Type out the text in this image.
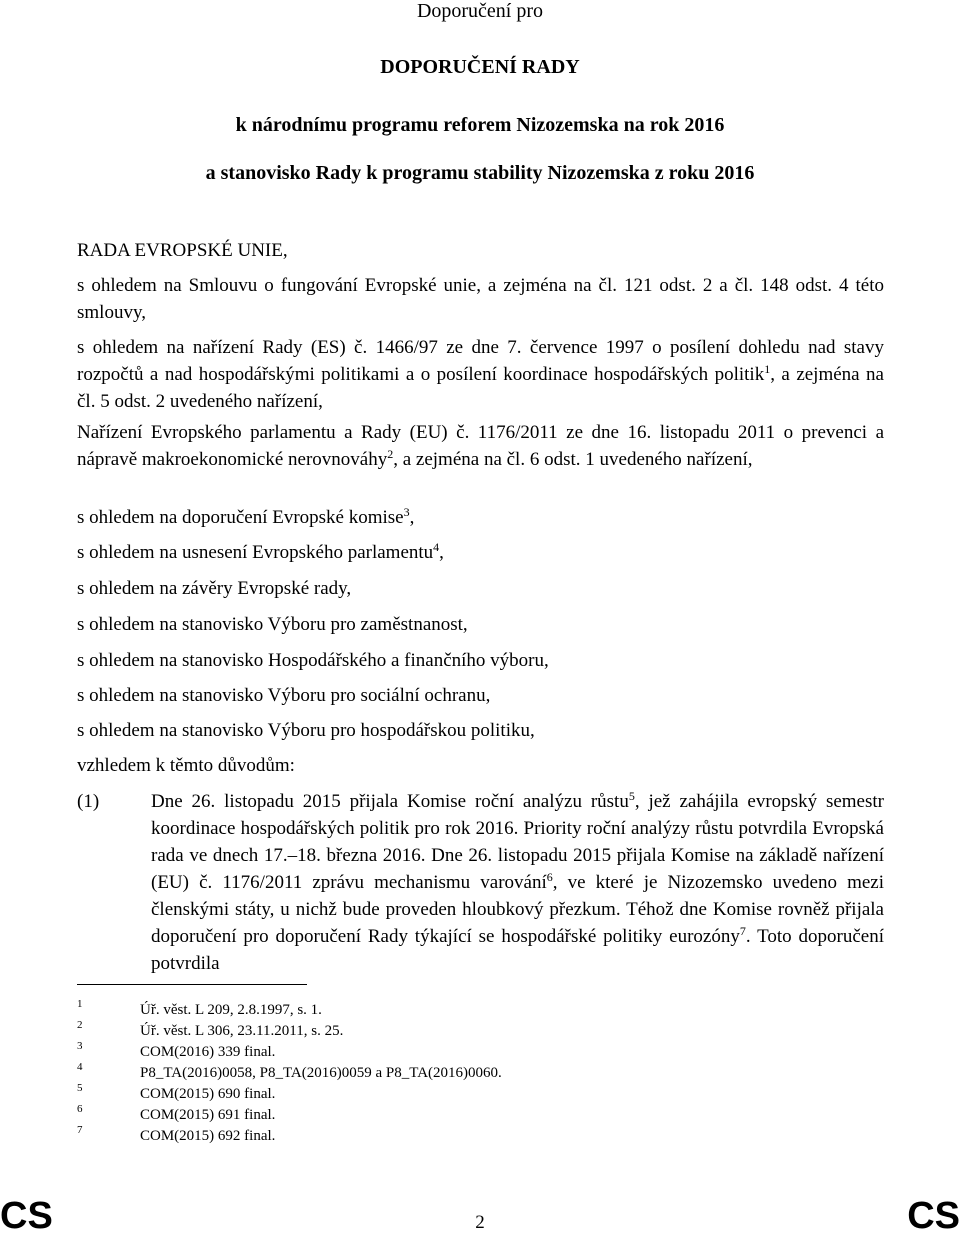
Doporučení pro
DOPORUČENÍ RADY
k národnímu programu reforem Nizozemska na rok 2016
a stanovisko Rady k programu stability Nizozemska z roku 2016
RADA EVROPSKÉ UNIE,
s ohledem na Smlouvu o fungování Evropské unie, a zejména na čl. 121 odst. 2 a čl. 148 odst. 4 této smlouvy,
s ohledem na nařízení Rady (ES) č. 1466/97 ze dne 7. července 1997 o posílení dohledu nad stavy rozpočtů a nad hospodářskými politikami a o posílení koordinace hospodářských politik$^1$, a zejména na čl. 5 odst. 2 uvedeného nařízení,
Nařízení Evropského parlamentu a Rady (EU) č. 1176/2011 ze dne 16. listopadu 2011 o prevenci a nápravě makroekonomické nerovnováhy$^2$, a zejména na čl. 6 odst. 1 uvedeného nařízení,
s ohledem na doporučení Evropské komise$^3$,
s ohledem na usnesení Evropského parlamentu$^4$,
s ohledem na závěry Evropské rady,
s ohledem na stanovisko Výboru pro zaměstnanost,
s ohledem na stanovisko Hospodářského a finančního výboru,
s ohledem na stanovisko Výboru pro sociální ochranu,
s ohledem na stanovisko Výboru pro hospodářskou politiku,
vzhledem k těmto důvodům:
(1)	Dne 26. listopadu 2015 přijala Komise roční analýzu růstu$^5$, jež zahájila evropský semestr koordinace hospodářských politik pro rok 2016. Priority roční analýzy růstu potvrdila Evropská rada ve dnech 17.–18. března 2016. Dne 26. listopadu 2015 přijala Komise na základě nařízení (EU) č. 1176/2011 zprávu mechanismu varování$^6$, ve které je Nizozemsko uvedeno mezi členskými státy, u nichž bude proveden hloubkový přezkum. Téhož dne Komise rovněž přijala doporučení pro doporučení Rady týkající se hospodářské politiky eurozóny$^7$. Toto doporučení potvrdila
1	Úř. věst. L 209, 2.8.1997, s. 1.
2	Úř. věst. L 306, 23.11.2011, s. 25.
3	COM(2016) 339 final.
4	P8_TA(2016)0058, P8_TA(2016)0059 a P8_TA(2016)0060.
5	COM(2015) 690 final.
6	COM(2015) 691 final.
7	COM(2015) 692 final.
CS	2	CS
